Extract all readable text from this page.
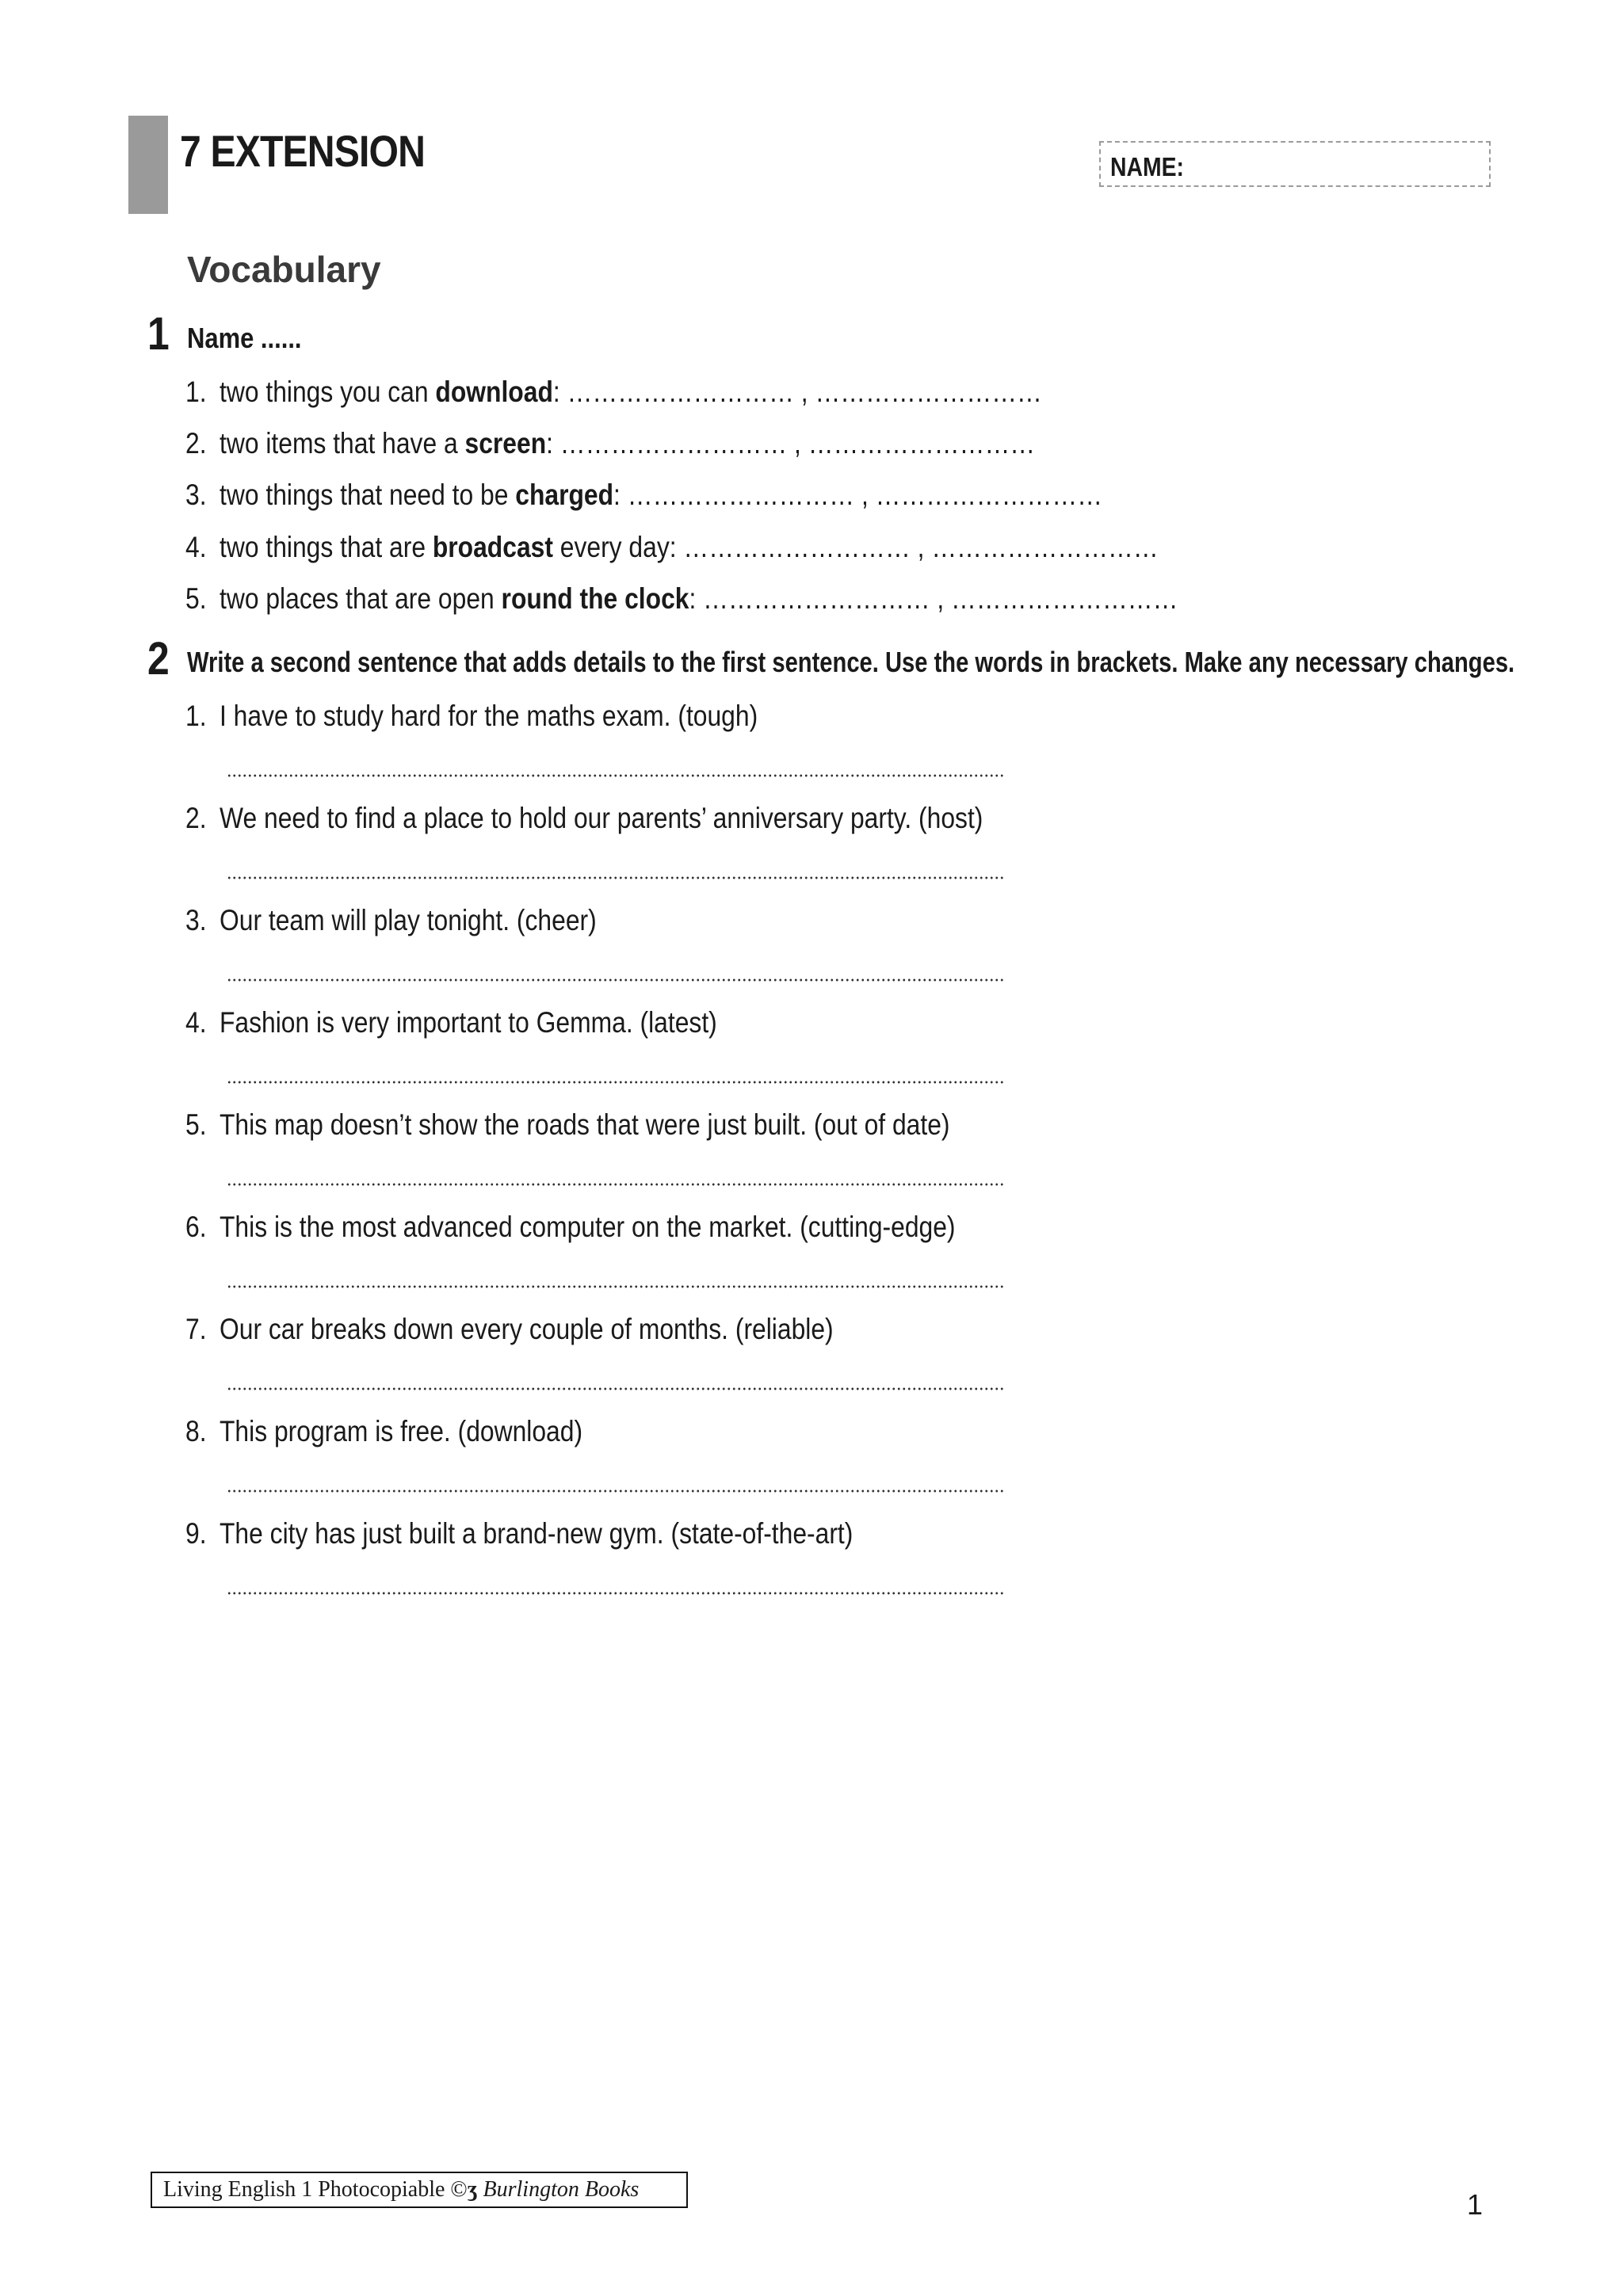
7 EXTENSION	NAME:
Vocabulary
1 Name ......
1. two things you can download: ……………………… , ………………………
2. two items that have a screen: ……………………… , ………………………
3. two things that need to be charged: ……………………… , ………………………
4. two things that are broadcast every day: ……………………… , ………………………
5. two places that are open round the clock: ……………………… , ………………………
2 Write a second sentence that adds details to the first sentence. Use the words in brackets. Make any necessary changes.
1. I have to study hard for the maths exam. (tough)
2. We need to find a place to hold our parents’ anniversary party. (host)
3. Our team will play tonight. (cheer)
4. Fashion is very important to Gemma. (latest)
5. This map doesn’t show the roads that were just built. (out of date)
6. This is the most advanced computer on the market. (cutting-edge)
7. Our car breaks down every couple of months. (reliable)
8. This program is free. (download)
9. The city has just built a brand-new gym. (state-of-the-art)
Living English 1 Photocopiable ©ʒ Burlington Books	1
